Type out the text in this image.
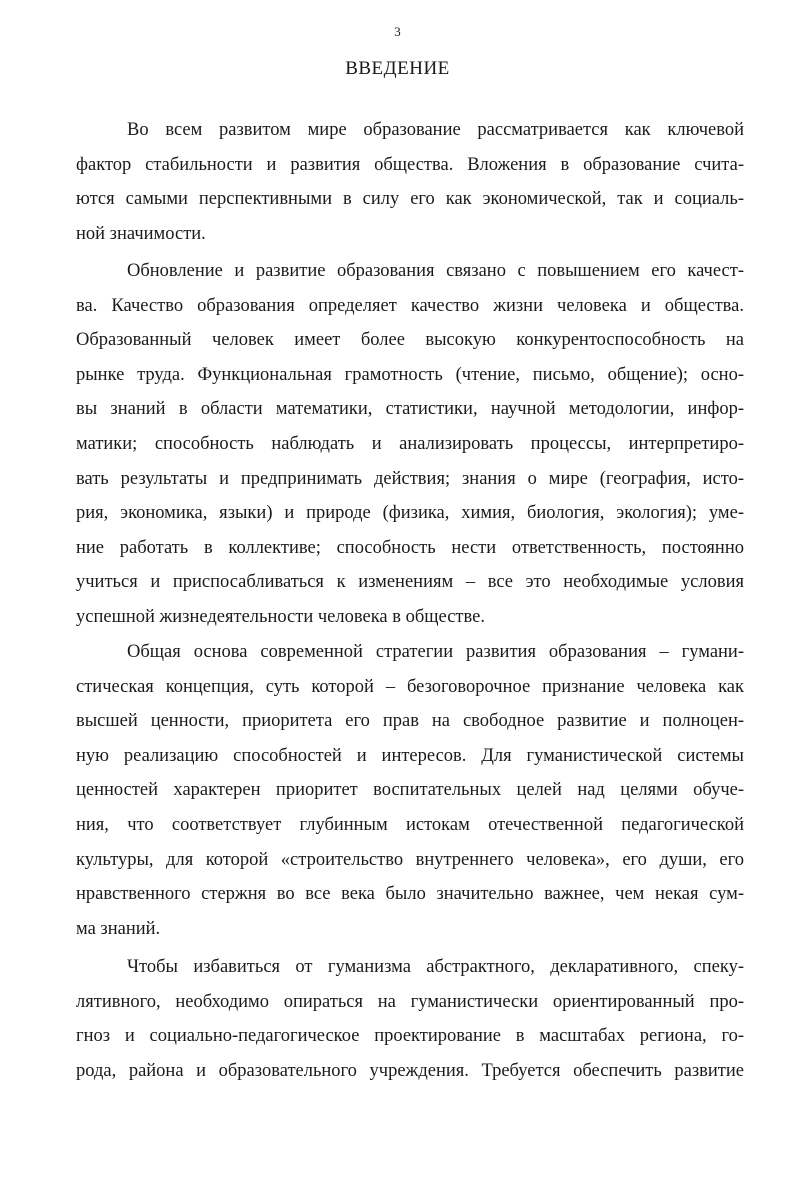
3
ВВЕДЕНИЕ
Во всем развитом мире образование рассматривается как ключевой
фактор стабильности и развития общества. Вложения в образование счита-
ются самыми перспективными в силу его как экономической, так и социаль-
ной значимости.
Обновление и развитие образования связано с повышением его качест-
ва. Качество образования определяет качество жизни человека и общества.
Образованный человек имеет более высокую конкурентоспособность на
рынке труда. Функциональная грамотность (чтение, письмо, общение); осно-
вы знаний в области математики, статистики, научной методологии, инфор-
матики; способность наблюдать и анализировать процессы, интерпретиро-
вать результаты и предпринимать действия; знания о мире (география, исто-
рия, экономика, языки) и природе (физика, химия, биология, экология); уме-
ние работать в коллективе; способность нести ответственность, постоянно
учиться и приспосабливаться к изменениям – все это необходимые условия
успешной жизнедеятельности человека в обществе.
Общая основа современной стратегии развития образования – гумани-
стическая концепция, суть которой – безоговорочное признание человека как
высшей ценности, приоритета его прав на свободное развитие и полноцен-
ную реализацию способностей и интересов. Для гуманистической системы
ценностей характерен приоритет воспитательных целей над целями обуче-
ния, что соответствует глубинным истокам отечественной педагогической
культуры, для которой «строительство внутреннего человека», его души, его
нравственного стержня во все века было значительно важнее, чем некая сум-
ма знаний.
Чтобы избавиться от гуманизма абстрактного, декларативного, спеку-
лятивного, необходимо опираться на гуманистически ориентированный про-
гноз и социально-педагогическое проектирование в масштабах региона, го-
рода, района и образовательного учреждения. Требуется обеспечить развитие
